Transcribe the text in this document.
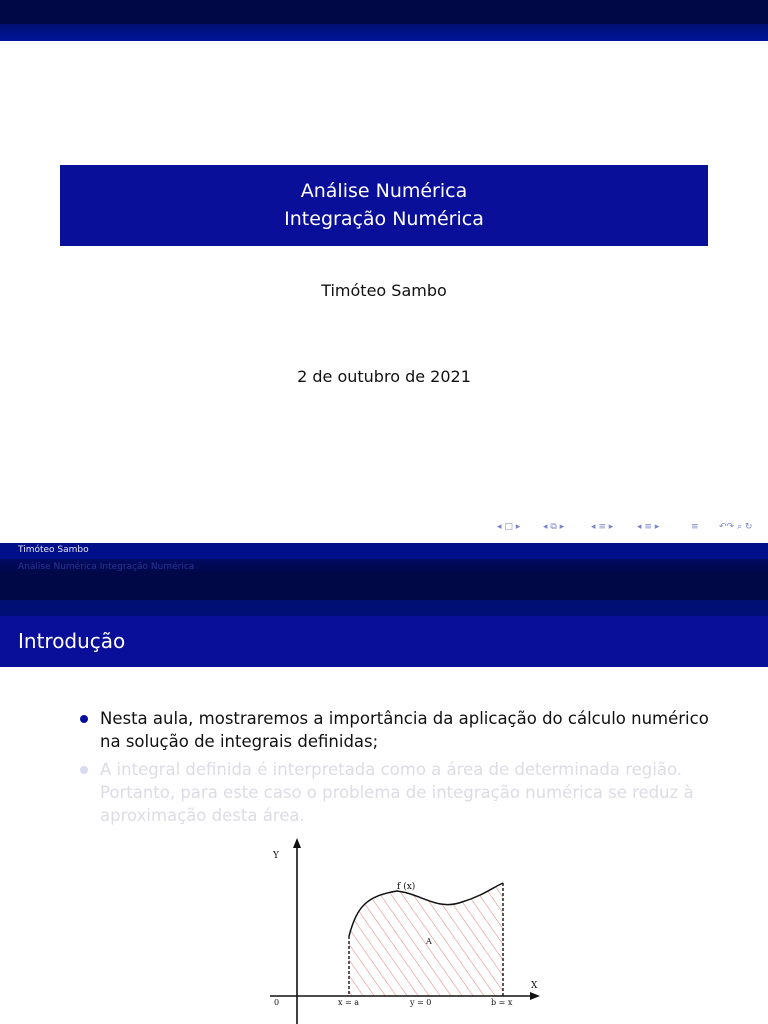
Análise Numérica
Integração Numérica
Timóteo Sambo
2 de outubro de 2021
◂ □ ▸	◂ ⧉ ▸	◂ ≡ ▸	◂ ≡ ▸	≡ ↶↷ ⌕ ↻
Timóteo Sambo
Análise Numérica Integração Numérica
Introdução
Nesta aula, mostraremos a importância da aplicação do cálculo numérico na solução de integrais definidas;
A integral definida é interpretada como a área de determinada região. Portanto, para este caso o problema de integração numérica se reduz à aproximação desta área.
Y
X
0
f (x)
A
x = a	y = 0	b = x
